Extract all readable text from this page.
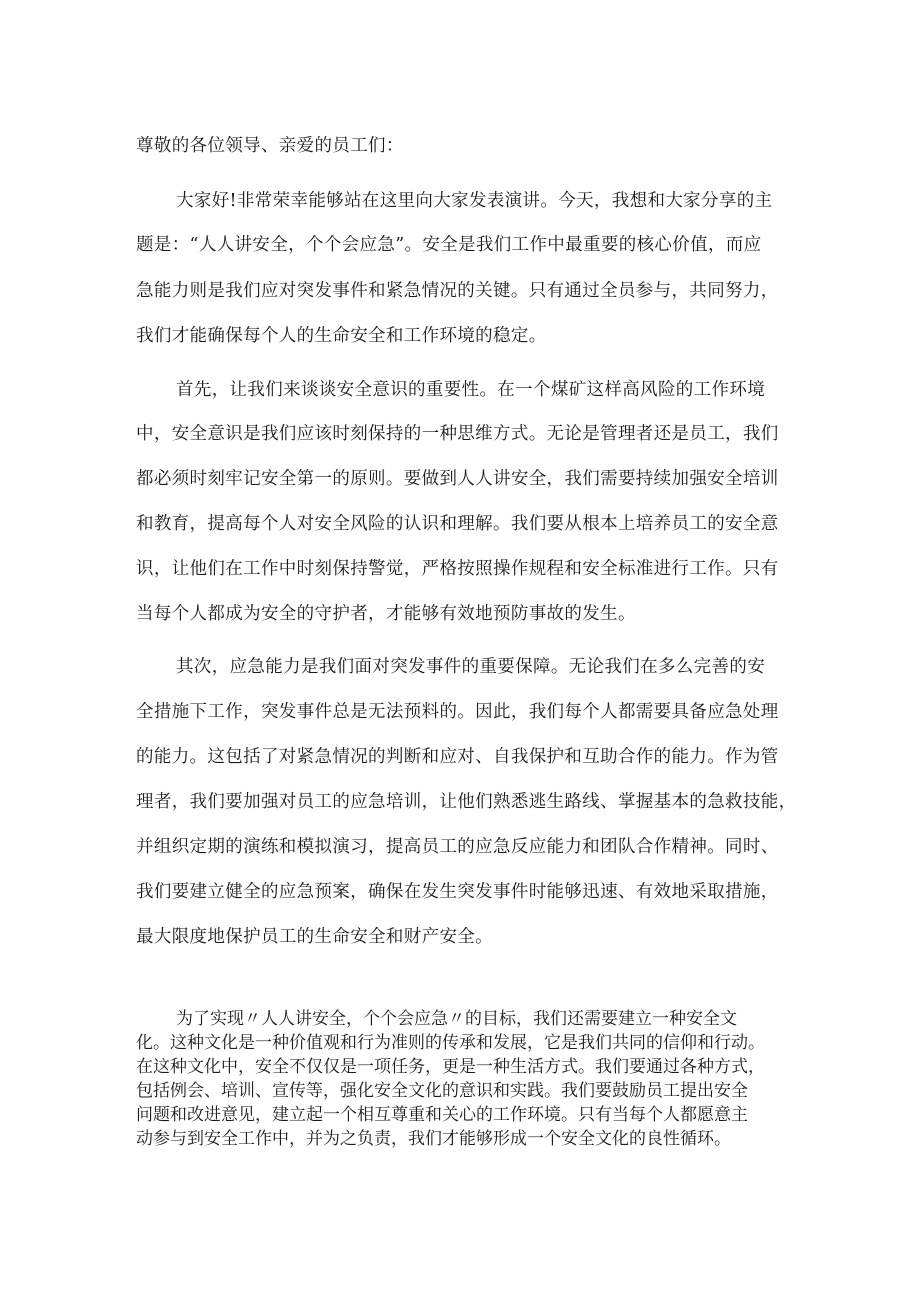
尊敬的各位领导、亲爱的员工们：
大家好!非常荣幸能够站在这里向大家发表演讲。今天，我想和大家分享的主
题是：“人人讲安全，个个会应急”。安全是我们工作中最重要的核心价值，而应
急能力则是我们应对突发事件和紧急情况的关键。只有通过全员参与，共同努力，
我们才能确保每个人的生命安全和工作环境的稳定。
首先，让我们来谈谈安全意识的重要性。在一个煤矿这样高风险的工作环境
中，安全意识是我们应该时刻保持的一种思维方式。无论是管理者还是员工，我们
都必须时刻牢记安全第一的原则。要做到人人讲安全，我们需要持续加强安全培训
和教育，提高每个人对安全风险的认识和理解。我们要从根本上培养员工的安全意
识，让他们在工作中时刻保持警觉，严格按照操作规程和安全标准进行工作。只有
当每个人都成为安全的守护者，才能够有效地预防事故的发生。
其次，应急能力是我们面对突发事件的重要保障。无论我们在多么完善的安
全措施下工作，突发事件总是无法预料的。因此，我们每个人都需要具备应急处理
的能力。这包括了对紧急情况的判断和应对、自我保护和互助合作的能力。作为管
理者，我们要加强对员工的应急培训，让他们熟悉逃生路线、掌握基本的急救技能，
并组织定期的演练和模拟演习，提高员工的应急反应能力和团队合作精神。同时、
我们要建立健全的应急预案，确保在发生突发事件时能够迅速、有效地采取措施，
最大限度地保护员工的生命安全和财产安全。
为了实现〃人人讲安全，个个会应急〃的目标，我们还需要建立一种安全文
化。这种文化是一种价值观和行为准则的传承和发展，它是我们共同的信仰和行动。
在这种文化中，安全不仅仅是一项任务，更是一种生活方式。我们要通过各种方式，
包括例会、培训、宣传等，强化安全文化的意识和实践。我们要鼓励员工提出安全
问题和改进意见，建立起一个相互尊重和关心的工作环境。只有当每个人都愿意主
动参与到安全工作中，并为之负责，我们才能够形成一个安全文化的良性循环。
